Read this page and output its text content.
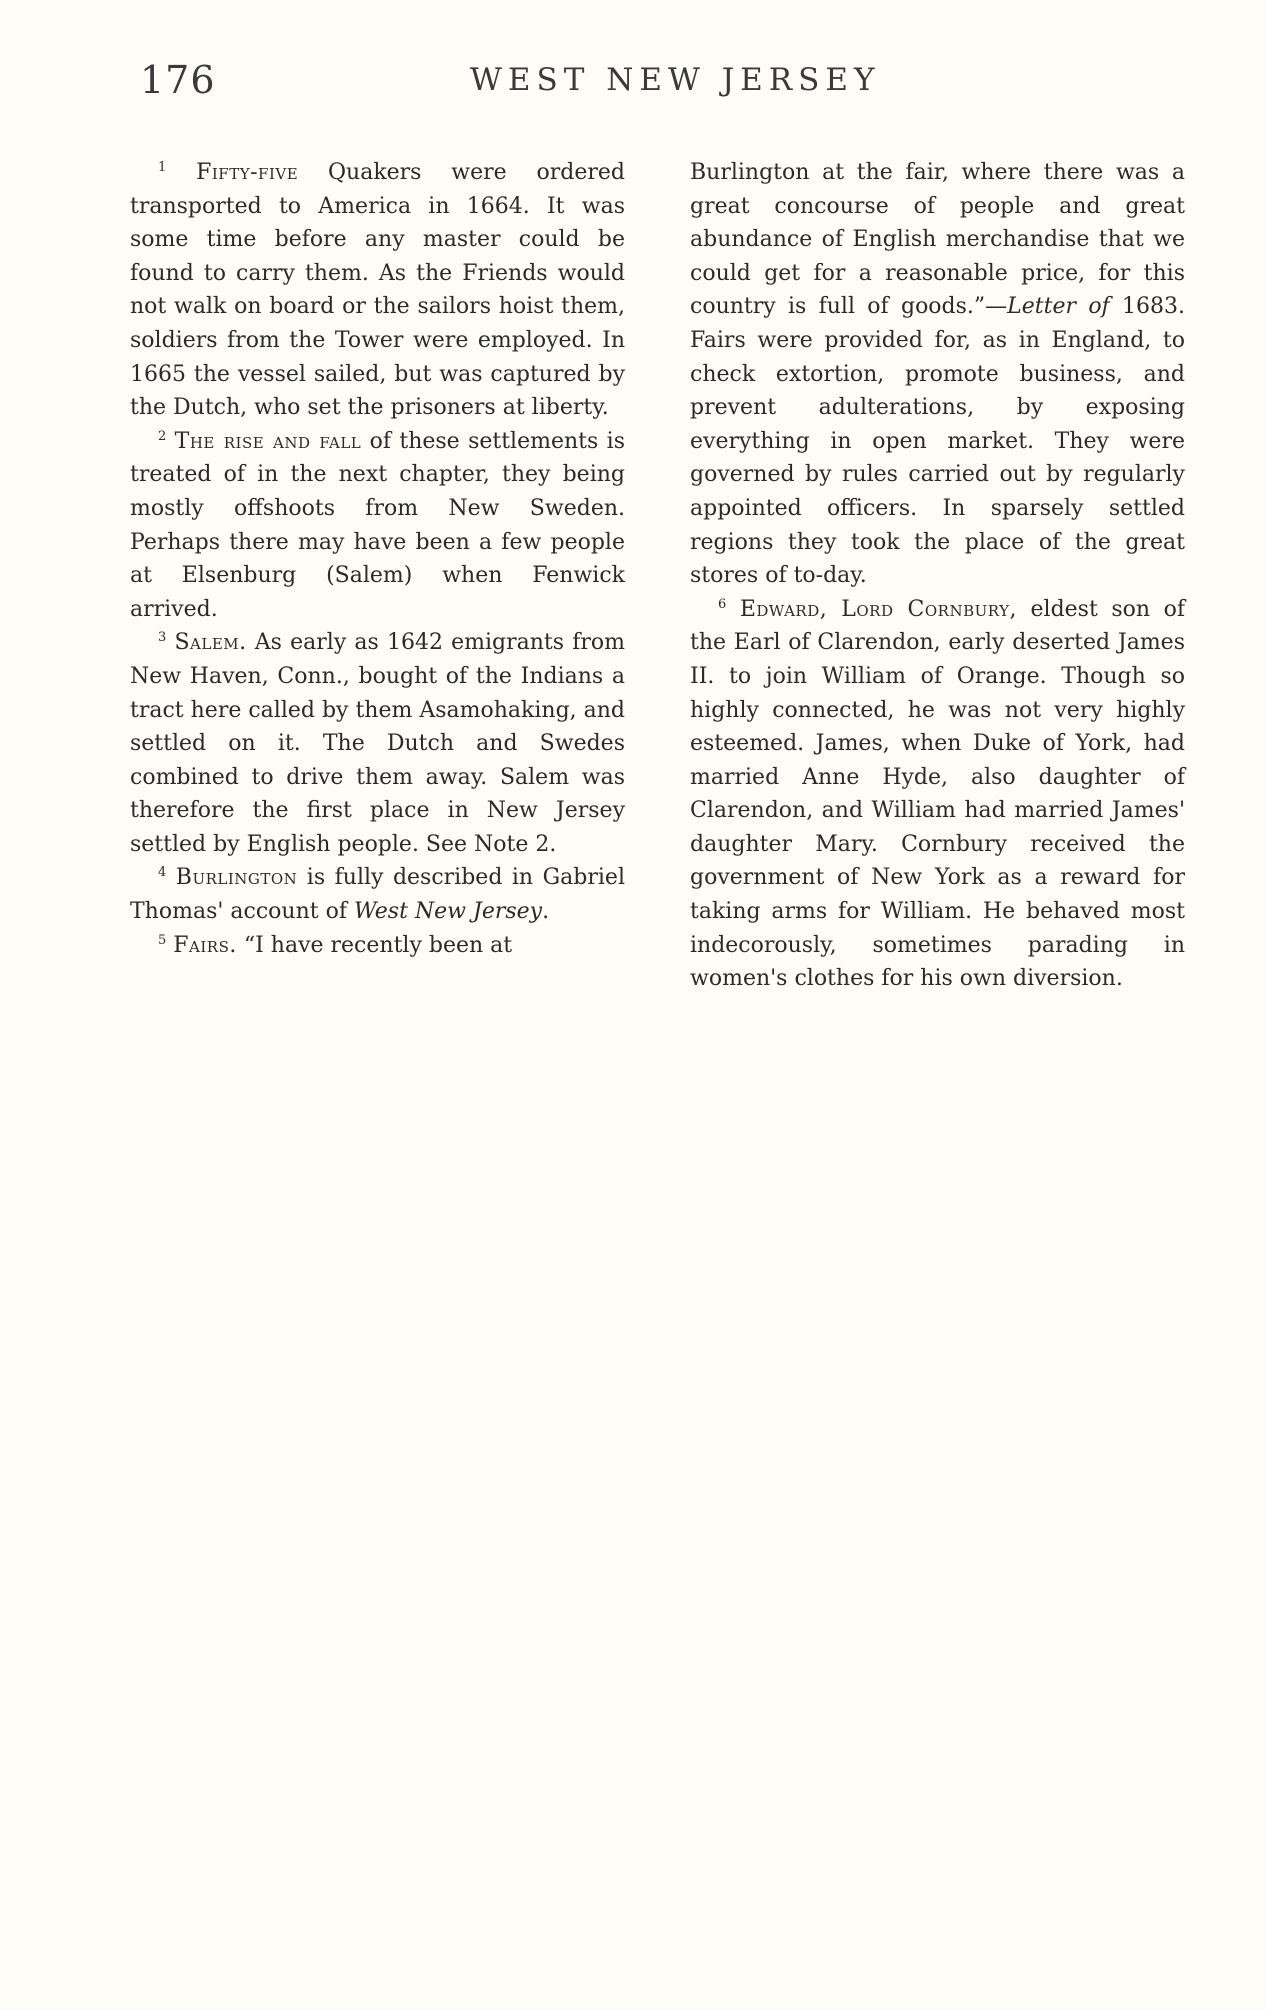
176	WEST NEW JERSEY

$^1$ Fifty-five Quakers were ordered transported to America in 1664. It was some time before any master could be found to carry them. As the Friends would not walk on board or the sailors hoist them, soldiers from the Tower were employed. In 1665 the vessel sailed, but was captured by the Dutch, who set the prisoners at liberty.

$^2$ The rise and fall of these settlements is treated of in the next chapter, they being mostly offshoots from New Sweden. Perhaps there may have been a few people at Elsenburg (Salem) when Fenwick arrived.

$^3$ Salem. As early as 1642 emigrants from New Haven, Conn., bought of the Indians a tract here called by them Asamohaking, and settled on it. The Dutch and Swedes combined to drive them away. Salem was therefore the first place in New Jersey settled by English people. See Note 2.

$^4$ Burlington is fully described in Gabriel Thomas' account of West New Jersey.

$^5$ Fairs. “I have recently been at

Burlington at the fair, where there was a great concourse of people and great abundance of English merchandise that we could get for a reasonable price, for this country is full of goods.”—Letter of 1683. Fairs were provided for, as in England, to check extortion, promote business, and prevent adulterations, by exposing everything in open market. They were governed by rules carried out by regularly appointed officers. In sparsely settled regions they took the place of the great stores of to-day.

$^6$ Edward, Lord Cornbury, eldest son of the Earl of Clarendon, early deserted James II. to join William of Orange. Though so highly connected, he was not very highly esteemed. James, when Duke of York, had married Anne Hyde, also daughter of Clarendon, and William had married James' daughter Mary. Cornbury received the government of New York as a reward for taking arms for William. He behaved most indecorously, sometimes parading in women's clothes for his own diversion.
